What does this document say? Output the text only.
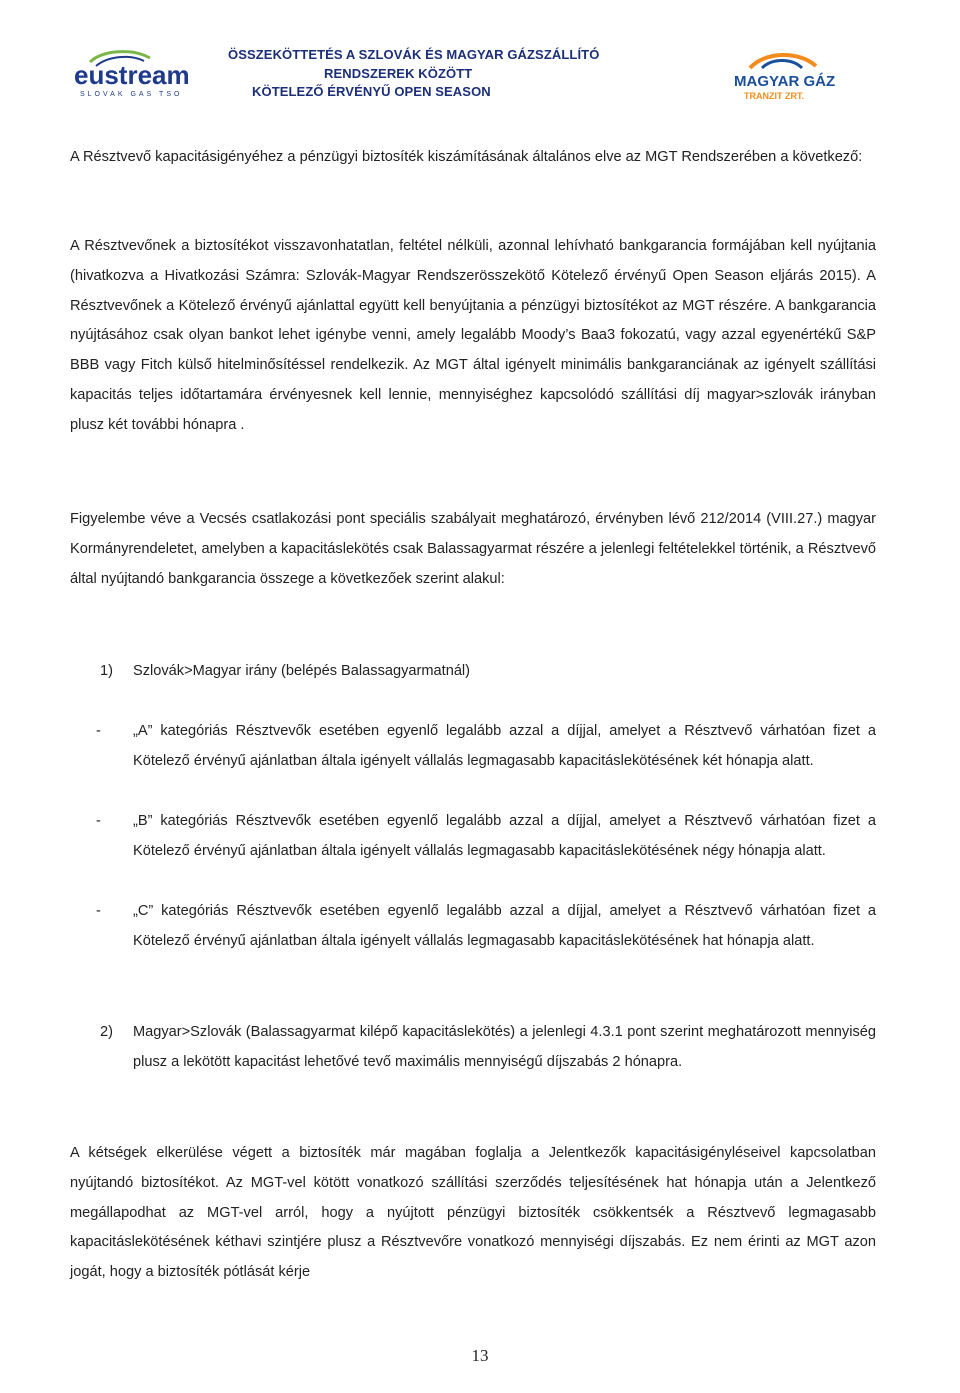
eustream
SLOVAK GAS TSO
ÖSSZEKÖTTETÉS A SZLOVÁK ÉS MAGYAR GÁZSZÁLLÍTÓ
RENDSZEREK KÖZÖTT
KÖTELEZŐ ÉRVÉNYŰ OPEN SEASON
MAGYAR GÁZ
TRANZIT ZRT.
A Résztvevő kapacitásigényéhez a pénzügyi biztosíték kiszámításának általános elve az MGT Rendszerében a következő:
A Résztvevőnek a biztosítékot visszavonhatatlan, feltétel nélküli, azonnal lehívható bankgarancia formájában kell nyújtania (hivatkozva a Hivatkozási Számra: Szlovák-Magyar Rendszerösszekötő Kötelező érvényű Open Season eljárás 2015). A Résztvevőnek a Kötelező érvényű ajánlattal együtt kell benyújtania a pénzügyi biztosítékot az MGT részére. A bankgarancia nyújtásához csak olyan bankot lehet igénybe venni, amely legalább Moody’s Baa3 fokozatú, vagy azzal egyenértékű S&P BBB vagy Fitch külső hitelminősítéssel rendelkezik. Az MGT által igényelt minimális bankgaranciának az igényelt szállítási kapacitás teljes időtartamára érvényesnek kell lennie, mennyiséghez kapcsolódó szállítási díj magyar>szlovák irányban plusz két további hónapra .
Figyelembe véve a Vecsés csatlakozási pont speciális szabályait meghatározó, érvényben lévő 212/2014 (VIII.27.) magyar Kormányrendeletet, amelyben a kapacitáslekötés csak Balassagyarmat részére a jelenlegi feltételekkel történik, a Résztvevő által nyújtandó bankgarancia összege a következőek szerint alakul:
1) Szlovák>Magyar irány (belépés Balassagyarmatnál)
- „A” kategóriás Résztvevők esetében egyenlő legalább azzal a díjjal, amelyet a Résztvevő várhatóan fizet a Kötelező érvényű ajánlatban általa igényelt vállalás legmagasabb kapacitáslekötésének két hónapja alatt.
- „B” kategóriás Résztvevők esetében egyenlő legalább azzal a díjjal, amelyet a Résztvevő várhatóan fizet a Kötelező érvényű ajánlatban általa igényelt vállalás legmagasabb kapacitáslekötésének négy hónapja alatt.
- „C” kategóriás Résztvevők esetében egyenlő legalább azzal a díjjal, amelyet a Résztvevő várhatóan fizet a Kötelező érvényű ajánlatban általa igényelt vállalás legmagasabb kapacitáslekötésének hat hónapja alatt.
2) Magyar>Szlovák (Balassagyarmat kilépő kapacitáslekötés) a jelenlegi 4.3.1 pont szerint meghatározott mennyiség plusz a lekötött kapacitást lehetővé tevő maximális mennyiségű díjszabás 2 hónapra.
A kétségek elkerülése végett a biztosíték már magában foglalja a Jelentkezők kapacitásigényléseivel kapcsolatban nyújtandó biztosítékot. Az MGT-vel kötött vonatkozó szállítási szerződés teljesítésének hat hónapja után a Jelentkező megállapodhat az MGT-vel arról, hogy a nyújtott pénzügyi biztosíték csökkentsék a Résztvevő legmagasabb kapacitáslekötésének kéthavi szintjére plusz a Résztvevőre vonatkozó mennyiségi díjszabás. Ez nem érinti az MGT azon jogát, hogy a biztosíték pótlását kérje
13
